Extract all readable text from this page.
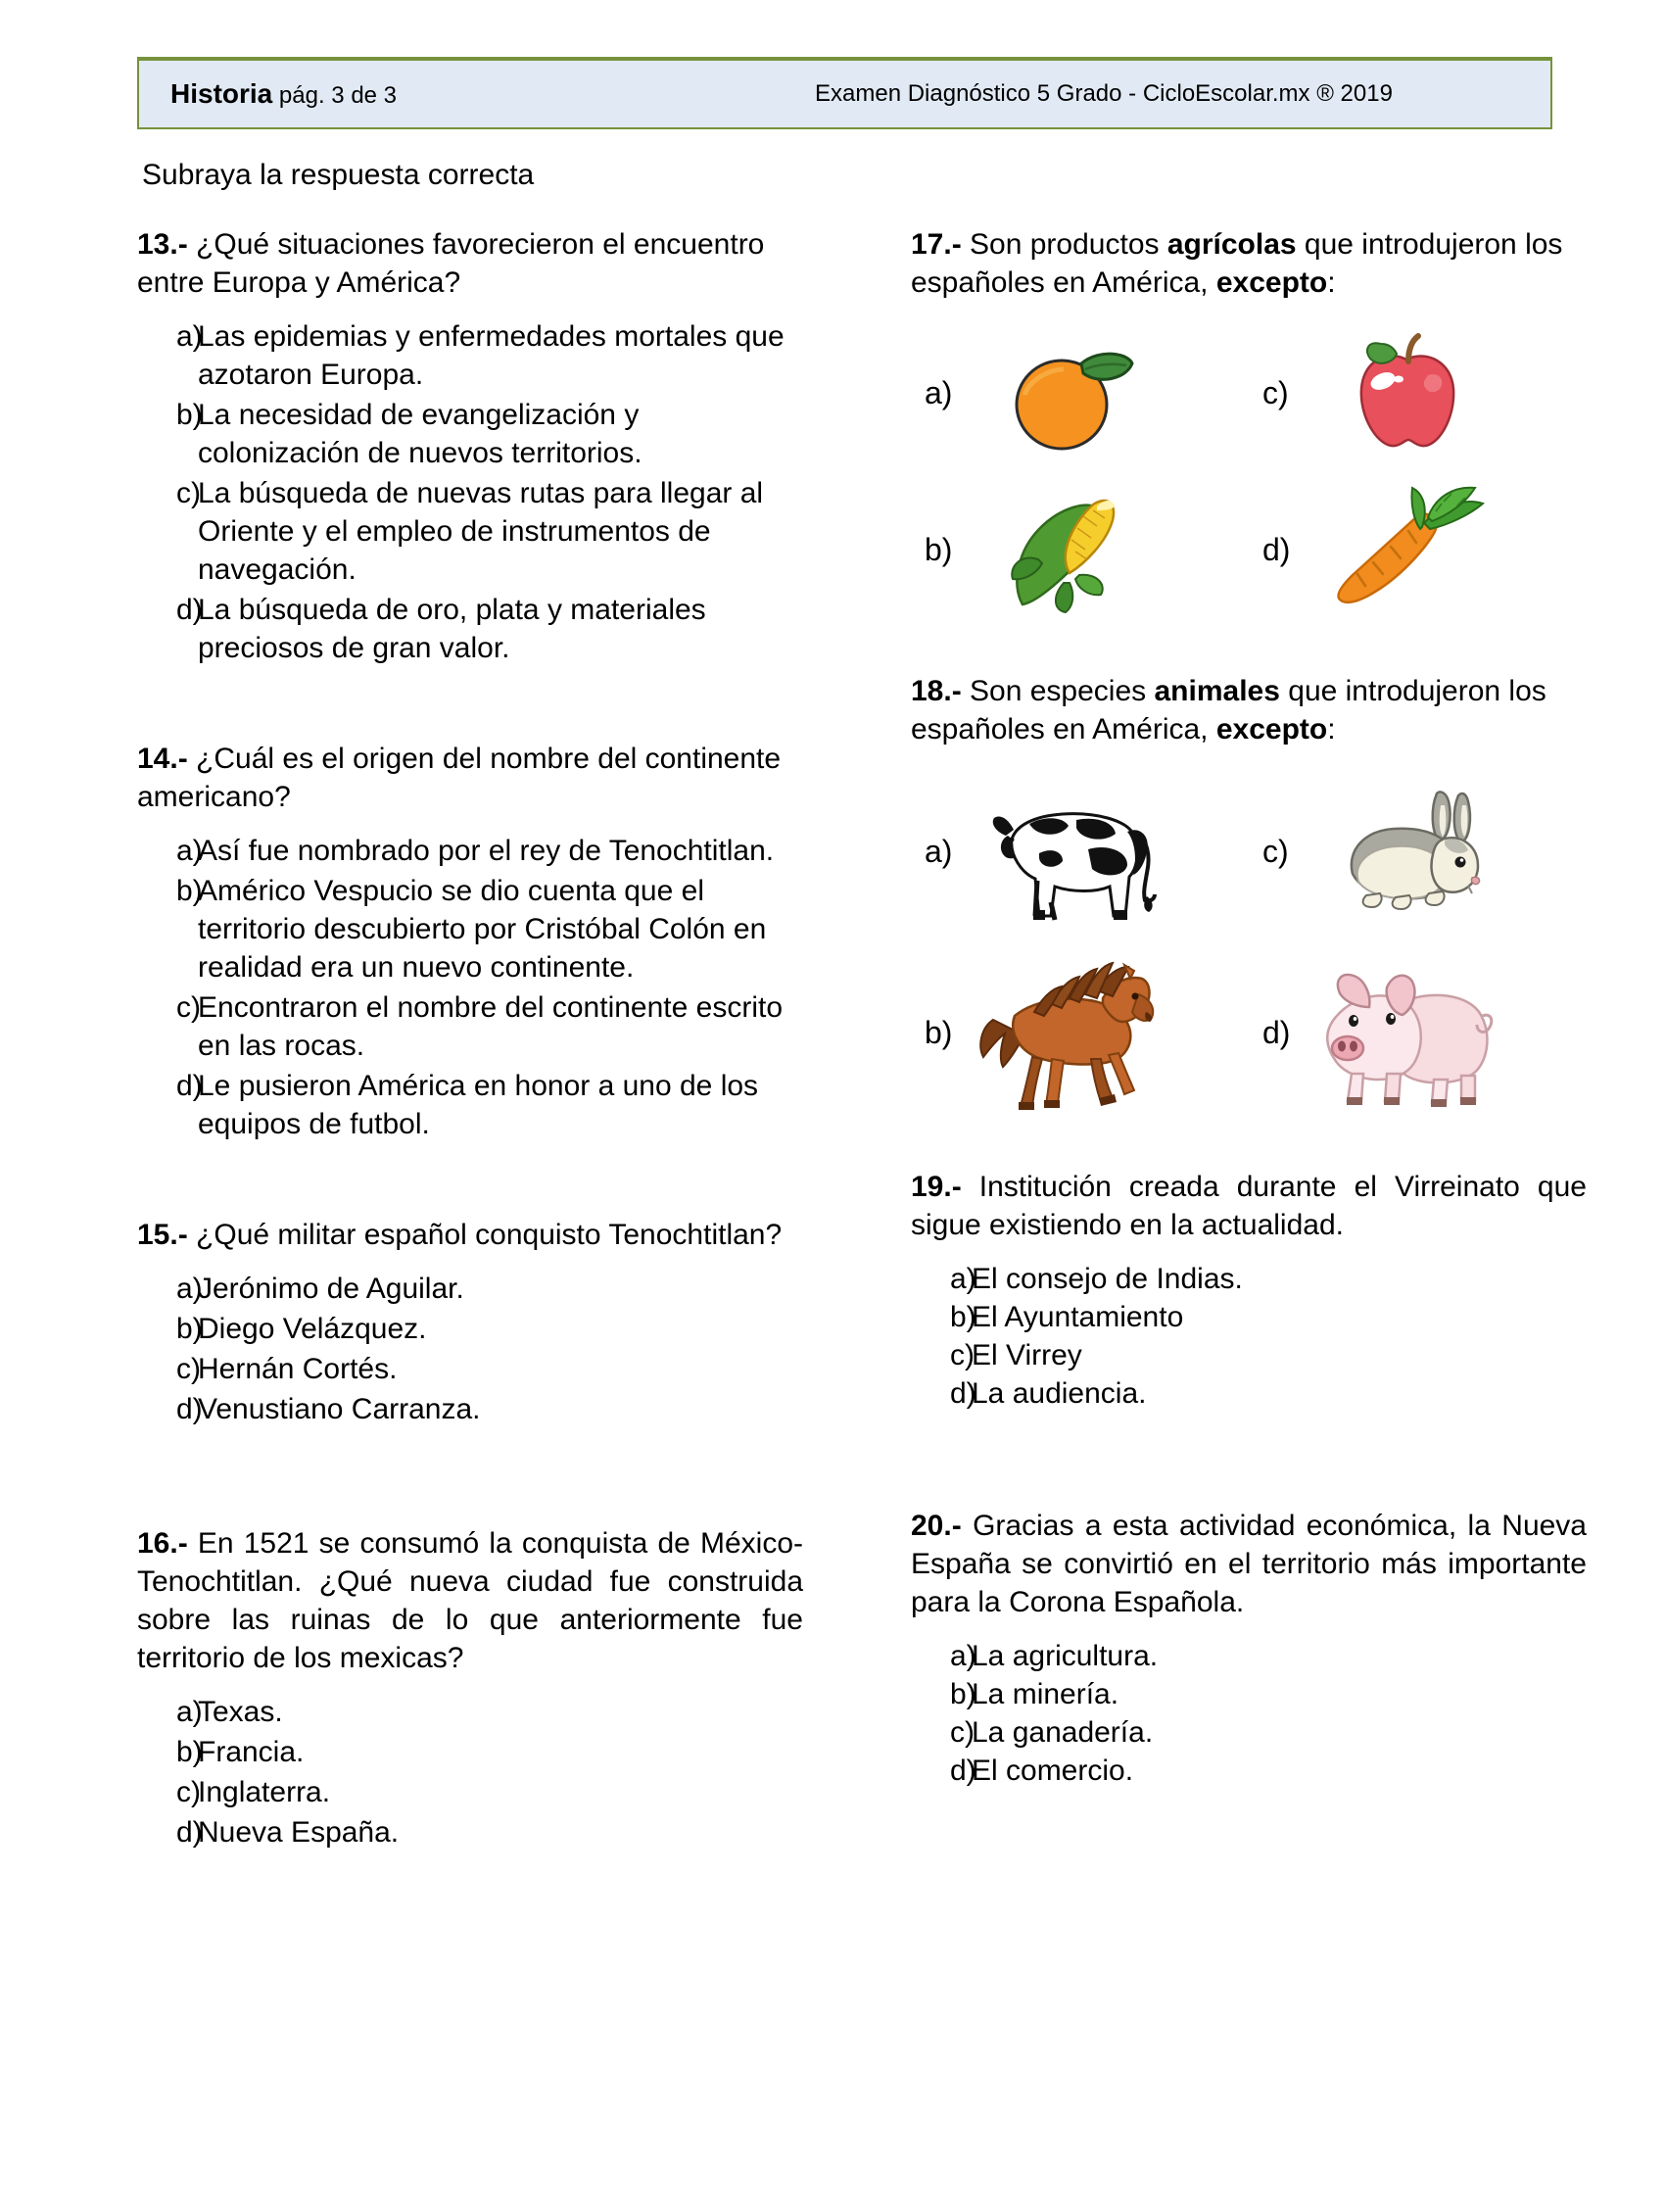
Historia pág. 3 de 3	Examen Diagnóstico 5 Grado - CicloEscolar.mx ® 2019
Subraya la respuesta correcta

13.- ¿Qué situaciones favorecieron el encuentro entre Europa y América?

a)
Las epidemias y enfermedades mortales que azotaron Europa.
b)
La necesidad de evangelización y colonización de nuevos territorios.
c)
La búsqueda de nuevas rutas para llegar al Oriente y el empleo de instrumentos de navegación.
d)
La búsqueda de oro, plata y materiales preciosos de gran valor.

14.- ¿Cuál es el origen del nombre del continente americano?

a)
Así fue nombrado por el rey de Tenochtitlan.
b)
Américo Vespucio se dio cuenta que el territorio descubierto por Cristóbal Colón en realidad era un nuevo continente.
c)
Encontraron el nombre del continente escrito en las rocas.
d)
Le pusieron América en honor a uno de los equipos de futbol.

15.- ¿Qué militar español conquisto Tenochtitlan?

a)
Jerónimo de Aguilar.
b)
Diego Velázquez.
c)
Hernán Cortés.
d)
Venustiano Carranza.

16.- En 1521 se consumó la conquista de México-Tenochtitlan. ¿Qué nueva ciudad fue construida sobre las ruinas de lo que anteriormente fue territorio de los mexicas?

a)
Texas.
b)
Francia.
c)
Inglaterra.
d)
Nueva España.

17.- Son productos agrícolas que introdujeron los españoles en América, excepto:

a)	c)
b)	d)

18.- Son especies animales que introdujeron los españoles en América, excepto:

a)	c)
b)	d)

19.- Institución creada durante el Virreinato que sigue existiendo en la actualidad.

a)
El consejo de Indias.
b)
El Ayuntamiento
c)
El Virrey
d)
La audiencia.

20.- Gracias a esta actividad económica, la Nueva España se convirtió en el territorio más importante para la Corona Española.

a)
La agricultura.
b)
La minería.
c)
La ganadería.
d)
El comercio.
